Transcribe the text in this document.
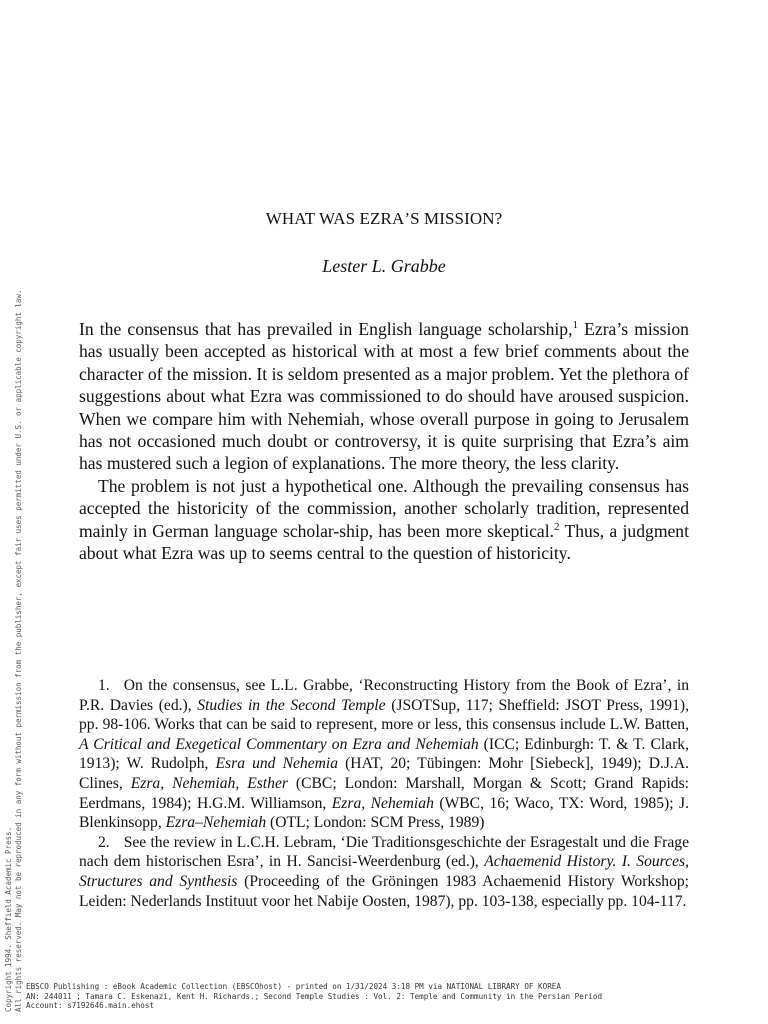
WHAT WAS EZRA’S MISSION?
Lester L. Grabbe

In the consensus that has prevailed in English language scholarship,$^1$ Ezra’s mission has usually been accepted as historical with at most a few brief comments about the character of the mission. It is seldom presented as a major problem. Yet the plethora of suggestions about what Ezra was commissioned to do should have aroused suspicion. When we compare him with Nehemiah, whose overall purpose in going to Jerusalem has not occasioned much doubt or controversy, it is quite surprising that Ezra’s aim has mustered such a legion of explanations. The more theory, the less clarity.

The problem is not just a hypothetical one. Although the prevailing consensus has accepted the historicity of the commission, another scholarly tradition, represented mainly in German language scholar-ship, has been more skeptical.$^2$ Thus, a judgment about what Ezra was up to seems central to the question of historicity.

1. On the consensus, see L.L. Grabbe, ‘Reconstructing History from the Book of Ezra’, in P.R. Davies (ed.), Studies in the Second Temple (JSOTSup, 117; Sheffield: JSOT Press, 1991), pp. 98-106. Works that can be said to represent, more or less, this consensus include L.W. Batten, A Critical and Exegetical Commentary on Ezra and Nehemiah (ICC; Edinburgh: T. & T. Clark, 1913); W. Rudolph, Esra und Nehemia (HAT, 20; Tübingen: Mohr [Siebeck], 1949); D.J.A. Clines, Ezra, Nehemiah, Esther (CBC; London: Marshall, Morgan & Scott; Grand Rapids: Eerdmans, 1984); H.G.M. Williamson, Ezra, Nehemiah (WBC, 16; Waco, TX: Word, 1985); J. Blenkinsopp, Ezra–Nehemiah (OTL; London: SCM Press, 1989)

2. See the review in L.C.H. Lebram, ‘Die Traditionsgeschichte der Esragestalt und die Frage nach dem historischen Esra’, in H. Sancisi-Weerdenburg (ed.), Achaemenid History. I. Sources, Structures and Synthesis (Proceeding of the Gröningen 1983 Achaemenid History Workshop; Leiden: Nederlands Instituut voor het Nabije Oosten, 1987), pp. 103-138, especially pp. 104-117.

Copyright 1994. Sheffield Academic Press. All rights reserved. May not be reproduced in any form without permission from the publisher, except fair uses permitted under U.S. or applicable copyright law. EBSCO Publishing : eBook Academic Collection (EBSCOhost) - printed on 1/31/2024 3:18 PM via NATIONAL LIBRARY OF KOREA
AN: 244011 ; Tamara C. Eskenazi, Kent H. Richards.; Second Temple Studies : Vol. 2: Temple and Community in the Persian Period
Account: s7192646.main.ehost
